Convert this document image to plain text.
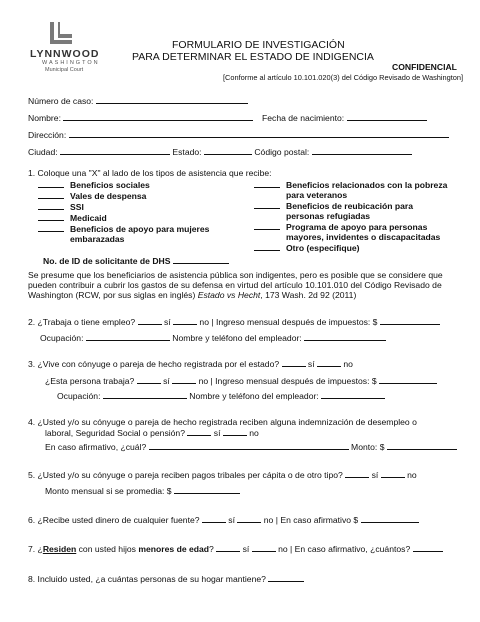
LYNNWOOD
WASHINGTON
Municipal Court
FORMULARIO DE INVESTIGACIÓN
PARA DETERMINAR EL ESTADO DE INDIGENCIA
CONFIDENCIAL
[Conforme al artículo 10.101.020(3) del Código Revisado de Washington]
Número de caso:
Nombre:	Fecha de nacimiento:
Dirección:
Ciudad:	Estado:	Código postal:
1. Coloque una "X" al lado de los tipos de asistencia que recibe:
Beneficios sociales
Vales de despensa
SSI
Medicaid
Beneficios de apoyo para mujeres
embarazadas
Beneficios relacionados con la pobreza
para veteranos
Beneficios de reubicación para
personas refugiadas
Programa de apoyo para personas
mayores, invidentes o discapacitadas
Otro (especifique)
No. de ID de solicitante de DHS
Se presume que los beneficiarios de asistencia pública son indigentes, pero es posible que se considere que
pueden contribuir a cubrir los gastos de su defensa en virtud del artículo 10.101.010 del Código Revisado de
Washington (RCW, por sus siglas en inglés) Estado vs Hecht, 173 Wash. 2d 92 (2011)
2. ¿Trabaja o tiene empleo?	sí	no | Ingreso mensual después de impuestos: $
Ocupación:	Nombre y teléfono del empleador:
3. ¿Vive con cónyuge o pareja de hecho registrada por el estado?	sí	no
¿Esta persona trabaja?	sí	no | Ingreso mensual después de impuestos: $
Ocupación:	Nombre y teléfono del empleador:
4. ¿Usted y/o su cónyuge o pareja de hecho registrada reciben alguna indemnización de desempleo o
laboral, Seguridad Social o pensión?	sí	no
En caso afirmativo, ¿cuál?	Monto: $
5. ¿Usted y/o su cónyuge o pareja reciben pagos tribales per cápita o de otro tipo?	sí	no
Monto mensual si se promedia: $
6. ¿Recibe usted dinero de cualquier fuente?	sí	no | En caso afirmativo $
7. ¿Residen con usted hijos menores de edad?	sí	no | En caso afirmativo, ¿cuántos?
8. Incluido usted, ¿a cuántas personas de su hogar mantiene?
